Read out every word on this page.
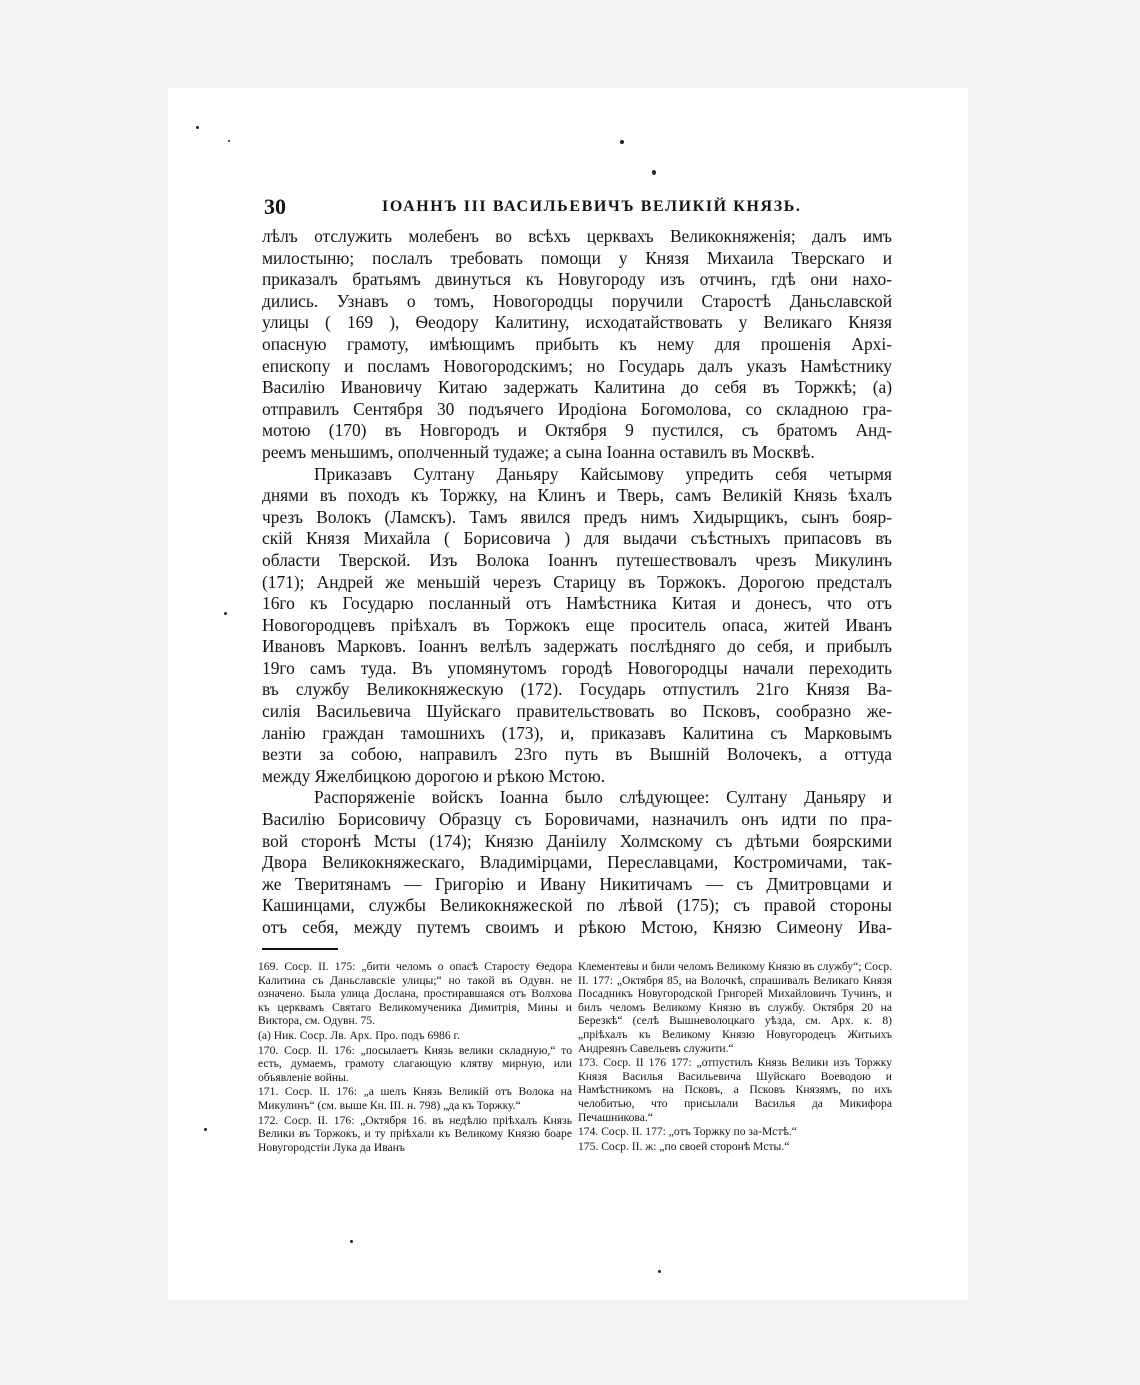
30	ІОАННЪ III ВАСИЛЬЕВИЧЪ ВЕЛИКІЙ КНЯЗЬ.

лѣлъ отслужить молебенъ во всѣхъ церквахъ Великокняженія; далъ имъ

милостыню; послалъ требовать помощи у Князя Михаила Тверскаго и

приказалъ братьямъ двинуться къ Новугороду изъ отчинъ, гдѣ они нахо-

дились. Узнавъ о томъ, Новогородцы поручили Старостѣ Даньславской

улицы ( 169 ), Ѳеодору Калитину, исходатайствовать у Великаго Князя

опасную грамоту, имѣющимъ прибыть къ нему для прошенія Архі-

епископу и посламъ Новогородскимъ; но Государь далъ указъ Намѣстнику

Василію Ивановичу Китаю задержать Калитина до себя въ Торжкѣ; (а)

отправилъ Сентября 30 подъячего Иродіона Богомолова, со складною гра-

мотою (170) въ Новгородъ и Октября 9 пустился, съ братомъ Анд-

реемъ меньшимъ, ополченный тудаже; а сына Іоанна оставилъ въ Москвѣ.

Приказавъ Султану Даньяру Кайсымову упредить себя четырмя

днями въ походъ къ Торжку, на Клинъ и Тверь, самъ Великій Князь ѣхалъ

чрезъ Волокъ (Ламскъ). Тамъ явился предъ нимъ Хидырщикъ, сынъ бояр-

скій Князя Михайла ( Борисовича ) для выдачи съѣстныхъ припасовъ въ

области Тверской. Изъ Волока Іоаннъ путешествовалъ чрезъ Микулинъ

(171); Андрей же меньшій черезъ Старицу въ Торжокъ. Дорогою предсталъ

16го къ Государю посланный отъ Намѣстника Китая и донесъ, что отъ

Новогородцевъ пріѣхалъ въ Торжокъ еще проситель опаса, житей Иванъ

Ивановъ Марковъ. Іоаннъ велѣлъ задержать послѣдняго до себя, и прибылъ

19го самъ туда. Въ упомянутомъ городѣ Новогородцы начали переходить

въ службу Великокняжескую (172). Государь отпустилъ 21го Князя Ва-

силія Васильевича Шуйскаго правительствовать во Псковъ, сообразно же-

ланію граждан тамошнихъ (173), и, приказавъ Калитина съ Марковымъ

везти за собою, направилъ 23го путь въ Вышній Волочекъ, а оттуда

между Яжелбицкою дорогою и рѣкою Мстою.

Распоряженіе войскъ Іоанна было слѣдующее: Султану Даньяру и

Василію Борисовичу Образцу съ Боровичами, назначилъ онъ идти по пра-

вой сторонѣ Мсты (174); Князю Даніилу Холмскому съ дѣтьми боярскими

Двора Великокняжескаго, Владимірцами, Переславцами, Костромичами, так-

же Тверитянамъ — Григорію и Ивану Никитичамъ — съ Дмитровцами и

Кашинцами, службы Великокняжеской по лѣвой (175); съ правой стороны

отъ себя, между путемъ своимъ и рѣкою Мстою, Князю Симеону Ива-

169. Соср. II. 175: „бити челомъ о опасѣ Старосту Ѳедора Калитина съ Даньславскіе улицы;“ но такой въ Одувн. не означено. Была улица Дослана, простиравшаяся отъ Волхова къ церквамъ Святаго Великомученика Димитрія, Мины и Викторa, см. Одувн. 75.

(а) Ник. Соср. Лв. Арх. Про. подъ 6986 г.

170. Соср. II. 176: „посылаетъ Князь велики складную,“ то есть, думаемъ, грамоту слагающую клятву мирную, или объявленіе войны.

171. Соср. II. 176: „а шелъ Князь Великій отъ Волока на Микулинъ“ (см. выше Кн. III. н. 798) „да къ Торжку.“

172. Соср. II. 176: „Октября 16. въ недѣлю пріѣхалъ Князь Велики въ Торжокъ, и ту пріѣхали къ Великому Князю боаре Новугородстіи Лука да Иванъ

Клементевы и били челомъ Великому Князю въ службу“; Соср. II. 177: „Октября 85, на Волочкѣ, спрашивалъ Великаго Князя Посадникъ Новугородской Григорей Михайловичъ Тучинъ, и билъ челомъ Великому Князю въ службу. Октября 20 на Березкѣ“ (селѣ Вышневолоцкаго уѣзда, см. Арх. к. 8) „пріѣхалъ къ Великому Князю Новугородецъ Житьихъ Андреянъ Савельевъ служити.“

173. Соср. II 176 177: „отпустилъ Князь Велики изъ Торжку Князя Василья Васильевича Шуйскаго Воеводою и Намѣстникомъ на Псковъ, а Псковъ Князямъ, по ихъ челобитью, что присылали Василья да Микифора Печашникова.“

174. Соср. II. 177: „отъ Торжку по за-Мстѣ.“

175. Соср. II. ж: „по своей сторонѣ Мсты.“
